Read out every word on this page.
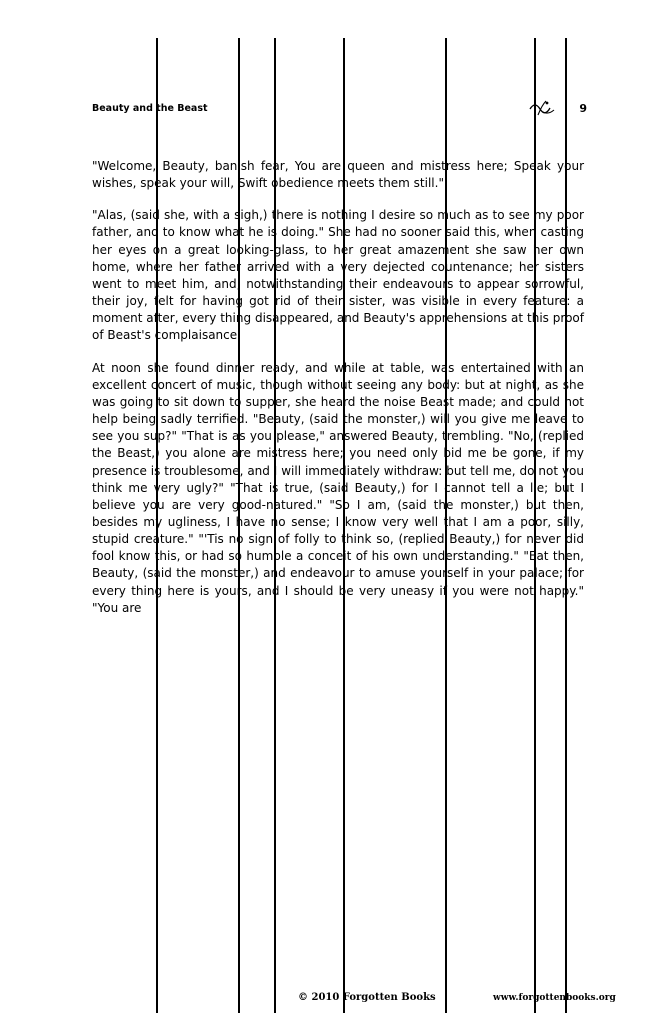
Beauty and the Beast	9

"Welcome, Beauty, banish fear, You are queen and mistress here; Speak your wishes, speak your will, Swift obedience meets them still."

"Alas, (said she, with a sigh,) there is nothing I desire so much as to see my poor father, and to know what he is doing." She had no sooner said this, when casting her eyes on a great looking-glass, to her great amazement she saw her own home, where her father arrived with a very dejected countenance; her sisters went to meet him, and, notwithstanding their endeavours to appear sorrowful, their joy, felt for having got rid of their sister, was visible in every feature: a moment after, every thing disappeared, and Beauty's apprehensions at this proof of Beast's complaisance.

At noon she found dinner ready, and while at table, was entertained with an excellent concert of music, though without seeing any body: but at night, as she was going to sit down to supper, she heard the noise Beast made; and could not help being sadly terrified. "Beauty, (said the monster,) will you give me leave to see you sup?" "That is as you please," answered Beauty, trembling. "No, (replied the Beast,) you alone are mistress here; you need only bid me be gone, if my presence is troublesome, and I will immediately withdraw: but tell me, do not you think me very ugly?" "That is true, (said Beauty,) for I cannot tell a lie; but I believe you are very good-natured." "So I am, (said the monster,) but then, besides my ugliness, I have no sense; I know very well that I am a poor, silly, stupid creature." "'Tis no sign of folly to think so, (replied Beauty,) for never did fool know this, or had so humble a conceit of his own understanding." "Eat then, Beauty, (said the monster,) and endeavour to amuse yourself in your palace; for every thing here is yours, and I should be very uneasy if you were not happy." "You are

© 2010 Forgotten Books	www.forgottenbooks.org
